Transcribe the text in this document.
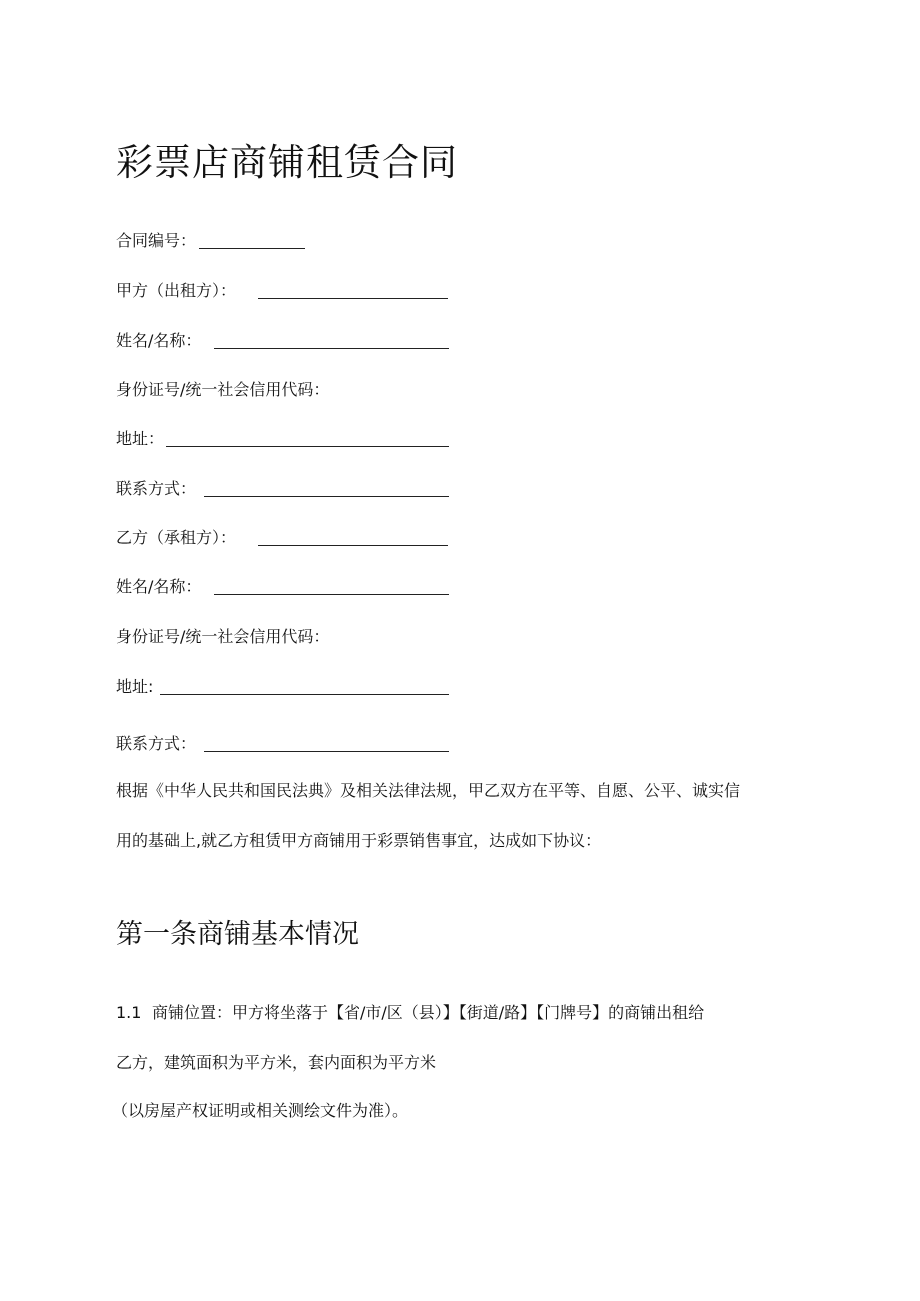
彩票店商铺租赁合同
合同编号：
甲方（出租方）：
姓名/名称：
身份证号/统一社会信用代码：
地址：
联系方式：
乙方（承租方）：
姓名/名称：
身份证号/统一社会信用代码：
地址:
联系方式：
根据《中华人民共和国民法典》及相关法律法规，甲乙双方在平等、自愿、公平、诚实信
用的基础上,就乙方租赁甲方商铺用于彩票销售事宜，达成如下协议：
第一条商铺基本情况
1.1 商铺位置：甲方将坐落于【省/市/区（县）】【街道/路】【门牌号】的商铺出租给
乙方，建筑面积为平方米，套内面积为平方米
（以房屋产权证明或相关测绘文件为准）。
